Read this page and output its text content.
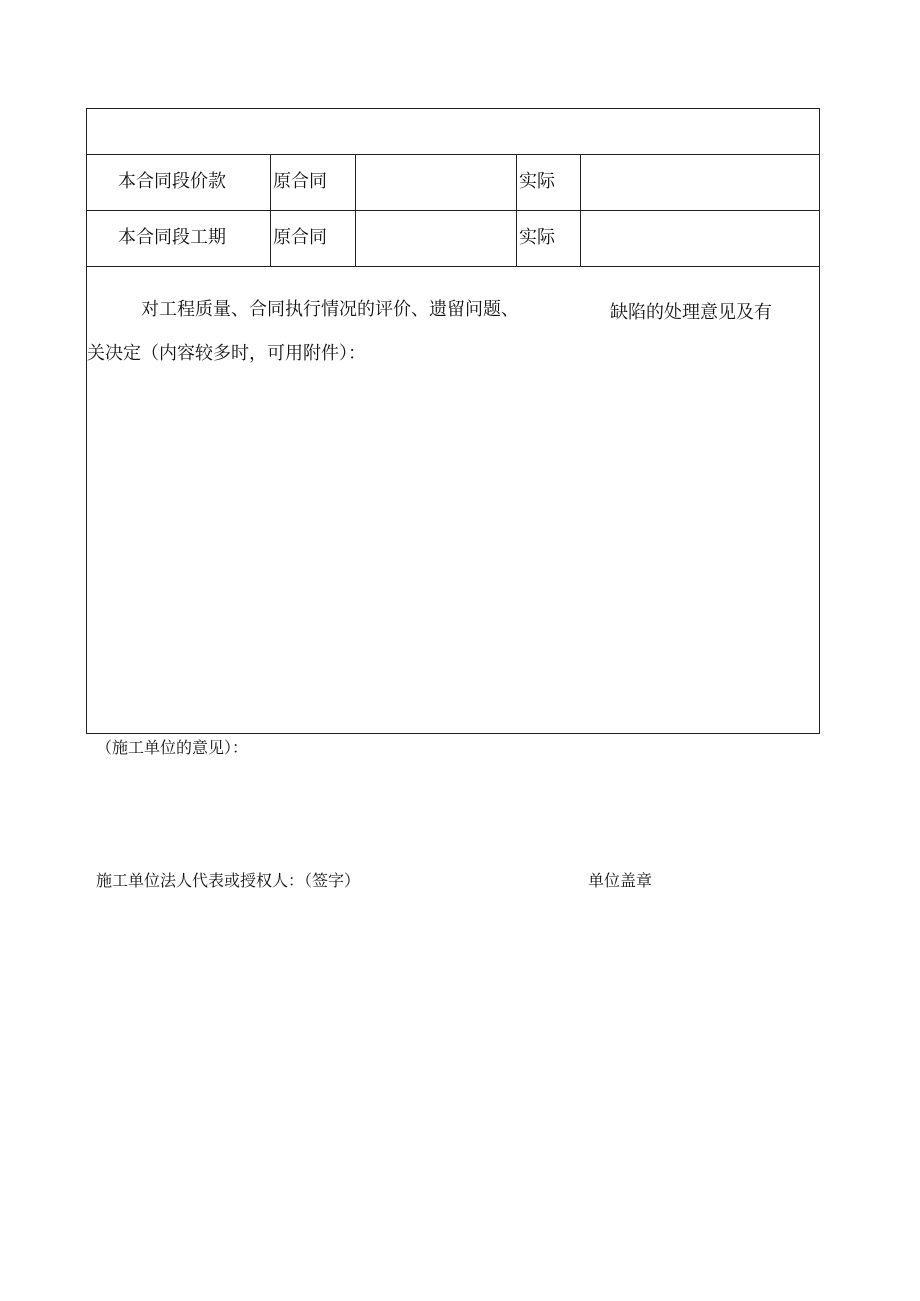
本合同段价款	原合同	实际
本合同段工期	原合同	实际
对工程质量、合同执行情况的评价、遗留问题、	缺陷的处理意见及有
关决定（内容较多时，可用附件）：
（施工单位的意见）：
施工单位法人代表或授权人：（签字）	单位盖章
